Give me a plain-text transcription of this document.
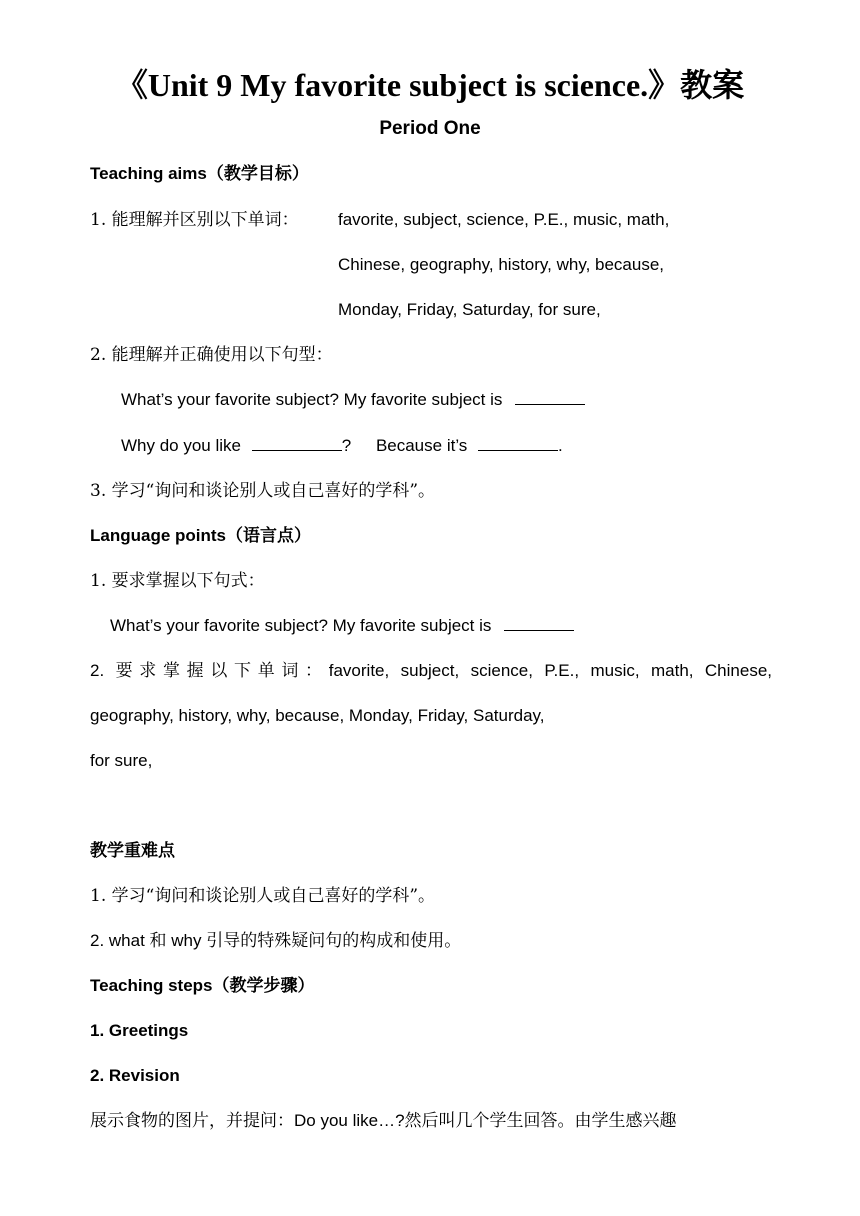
《Unit 9 My favorite subject is science.》教案
Period One
Teaching aims（教学目标）
1. 能理解并区别以下单词： favorite, subject, science, P.E., music, math,
Chinese, geography, history, why, because,
Monday, Friday, Saturday, for sure,
2. 能理解并正确使用以下句型：
What’s your favorite subject? My favorite subject is
Why do you like	? Because it’s	.
3. 学习“询问和谈论别人或自己喜好的学科”。
Language points（语言点）
1. 要求掌握以下句式：
What’s your favorite subject? My favorite subject is
2. 要求掌握以下单词：favorite, subject, science, P.E., music, math, Chinese,
geography, history, why, because, Monday, Friday, Saturday,
for sure,
教学重难点
1. 学习“询问和谈论别人或自己喜好的学科”。
2. what 和 why 引导的特殊疑问句的构成和使用。
Teaching steps（教学步骤）
1. Greetings
2. Revision
展示食物的图片，并提问：Do you like…?然后叫几个学生回答。由学生感兴趣
